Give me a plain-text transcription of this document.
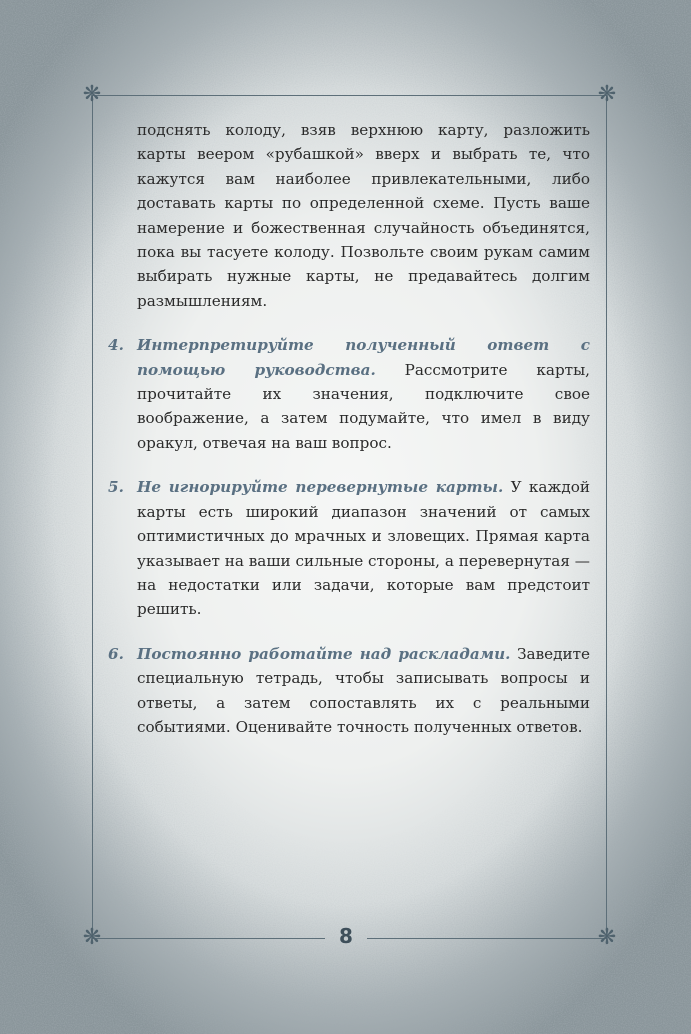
❋	❋
❋	❋
8

подснять колоду, взяв верхнюю карту, разложить карты веером «рубашкой» вверх и выбрать те, что кажутся вам наиболее привлекательными, либо доставать карты по определенной схеме. Пусть ваше намерение и божественная случайность объединятся, пока вы тасуете колоду. Позвольте своим рукам самим выбирать нужные карты, не предавайтесь долгим размышлениям.

4. Интерпретируйте полученный ответ с помощью руководства. Рассмотрите карты, прочитайте их значения, подключите свое воображение, а затем подумайте, что имел в виду оракул, отвечая на ваш вопрос.

5. Не игнорируйте перевернутые карты. У каждой карты есть широкий диапазон значений от самых оптимистичных до мрачных и зловещих. Прямая карта указывает на ваши сильные стороны, а перевернутая — на недостатки или задачи, которые вам предстоит решить.

6. Постоянно работайте над раскладами. Заведите специальную тетрадь, чтобы записывать вопросы и ответы, а затем сопоставлять их с реальными событиями. Оценивайте точность полученных ответов.
